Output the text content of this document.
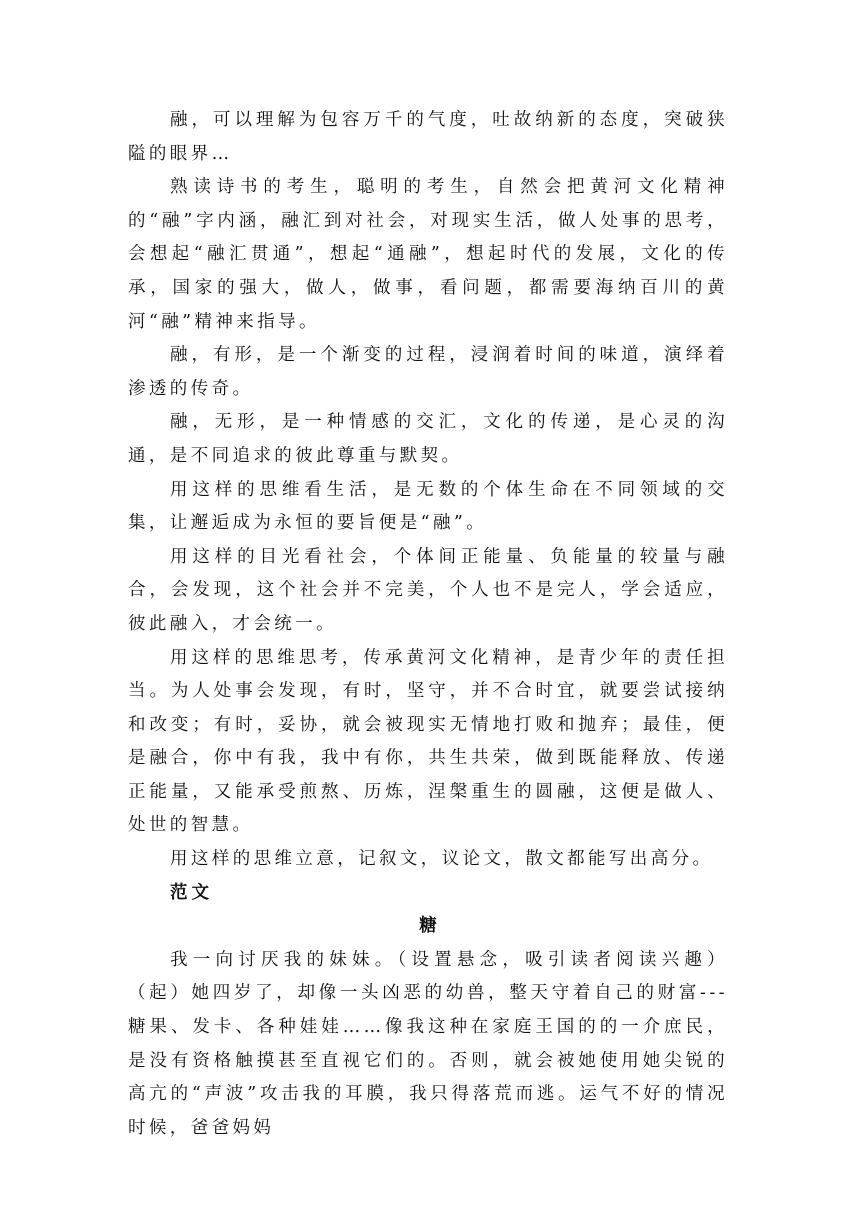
融，可以理解为包容万千的气度，吐故纳新的态度，突破狭隘的眼界…

熟读诗书的考生，聪明的考生，自然会把黄河文化精神的“融”字内涵，融汇到对社会，对现实生活，做人处事的思考，会想起“融汇贯通”，想起“通融”，想起时代的发展，文化的传承，国家的强大，做人，做事，看问题，都需要海纳百川的黄河“融”精神来指导。

融，有形，是一个渐变的过程，浸润着时间的味道，演绎着渗透的传奇。

融，无形，是一种情感的交汇，文化的传递，是心灵的沟通，是不同追求的彼此尊重与默契。

用这样的思维看生活，是无数的个体生命在不同领域的交集，让邂逅成为永恒的要旨便是“融”。

用这样的目光看社会，个体间正能量、负能量的较量与融合，会发现，这个社会并不完美，个人也不是完人，学会适应，彼此融入，才会统一。

用这样的思维思考，传承黄河文化精神，是青少年的责任担当。为人处事会发现，有时，坚守，并不合时宜，就要尝试接纳和改变；有时，妥协，就会被现实无情地打败和抛弃；最佳，便是融合，你中有我，我中有你，共生共荣，做到既能释放、传递正能量，又能承受煎熬、历炼，涅槃重生的圆融，这便是做人、处世的智慧。

用这样的思维立意，记叙文，议论文，散文都能写出高分。

范文

糖

我一向讨厌我的妹妹。（设置悬念，吸引读者阅读兴趣）（起）她四岁了，却像一头凶恶的幼兽，整天守着自己的财富---糖果、发卡、各种娃娃……像我这种在家庭王国的的一介庶民，是没有资格触摸甚至直视它们的。否则，就会被她使用她尖锐的高亢的“声波”攻击我的耳膜，我只得落荒而逃。运气不好的情况时候，爸爸妈妈
